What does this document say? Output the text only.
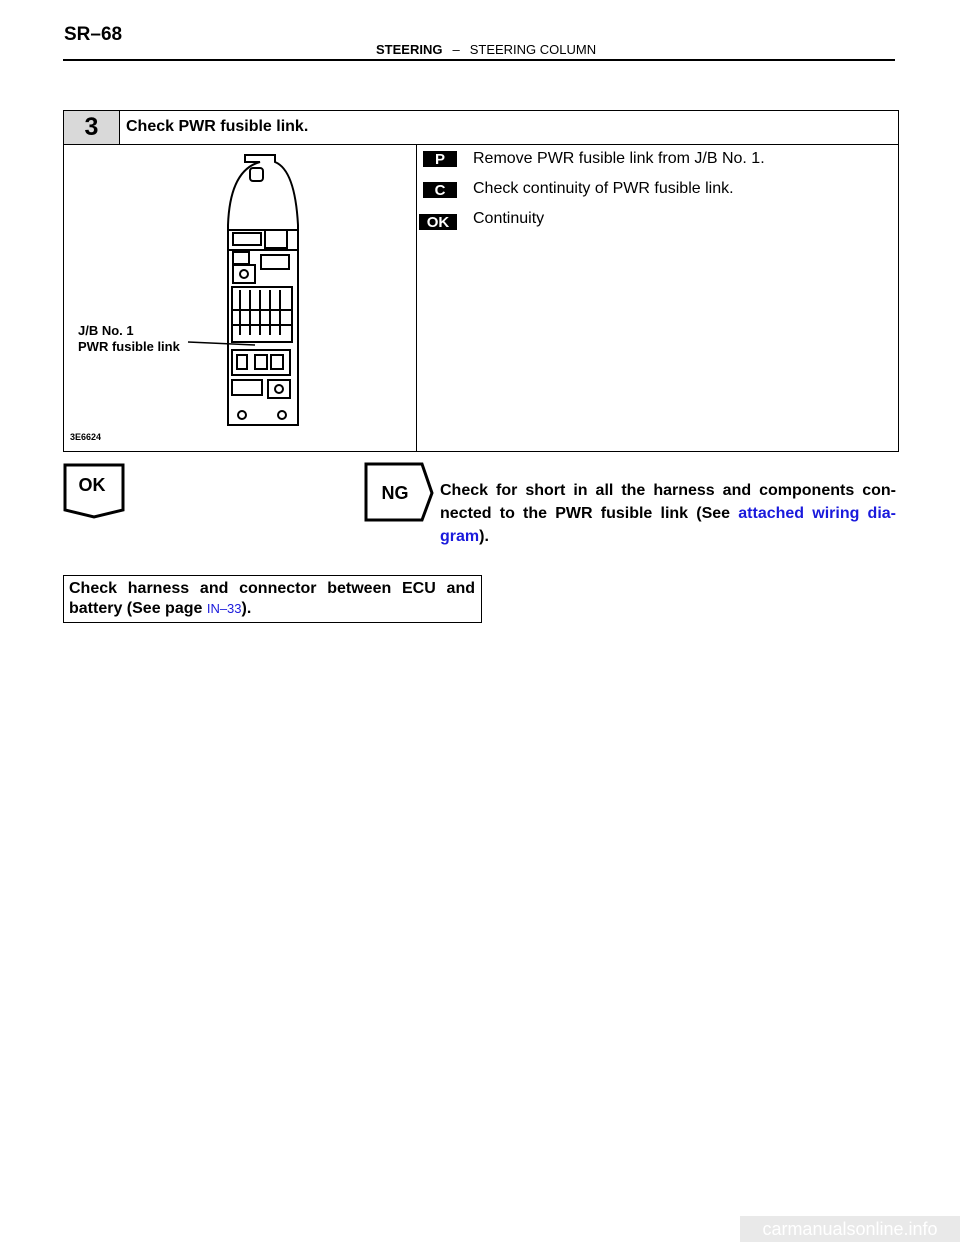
SR–68
STEERING – STEERING COLUMN
3	Check PWR fusible link.
P	Remove PWR fusible link from J/B No. 1.
C	Check continuity of PWR fusible link.
OK	Continuity
J/B No. 1
PWR fusible link
3E6624
OK	NG	Check for short in all the harness and components con- nected to the PWR fusible link (See attached wiring dia- gram).
Check harness and connector between ECU and battery (See page IN–33).
carmanualsonline.info
